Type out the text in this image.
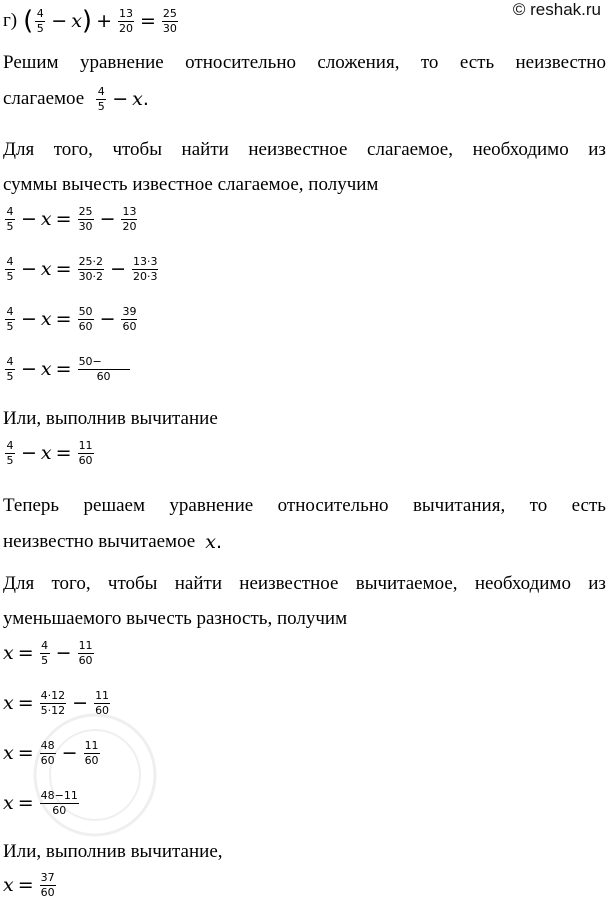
© reshak.ru
г) ( $\frac{4}{5} - x$ ) + $\frac{13}{20} = \frac{25}{30}$
Решим уравнение относительно сложения, то есть неизвестно
слагаемое $\frac{4}{5} - x$ .
Для того, чтобы найти неизвестное слагаемое, необходимо из
суммы вычесть известное слагаемое, получим
$\frac{4}{5} - x = \frac{25}{30} - \frac{13}{20}$
$\frac{4}{5} - x = \frac{25\cdot 2}{30\cdot 2} - \frac{13\cdot 3}{20\cdot 3}$
$\frac{4}{5} - x = \frac{50}{60} - \frac{39}{60}$
$\frac{4}{5} - x = \frac{50-}{60}$
Или, выполнив вычитание
$\frac{4}{5} - x = \frac{11}{60}$
Теперь решаем уравнение относительно вычитания, то есть
неизвестно вычитаемое x .
Для того, чтобы найти неизвестное вычитаемое, необходимо из
уменьшаемого вычесть разность, получим
$x = \frac{4}{5} - \frac{11}{60}$
$x = \frac{4\cdot 12}{5\cdot 12} - \frac{11}{60}$
$x = \frac{48}{60} - \frac{11}{60}$
$x = \frac{48-11}{60}$
Или, выполнив вычитание,
$x = \frac{37}{60}$
